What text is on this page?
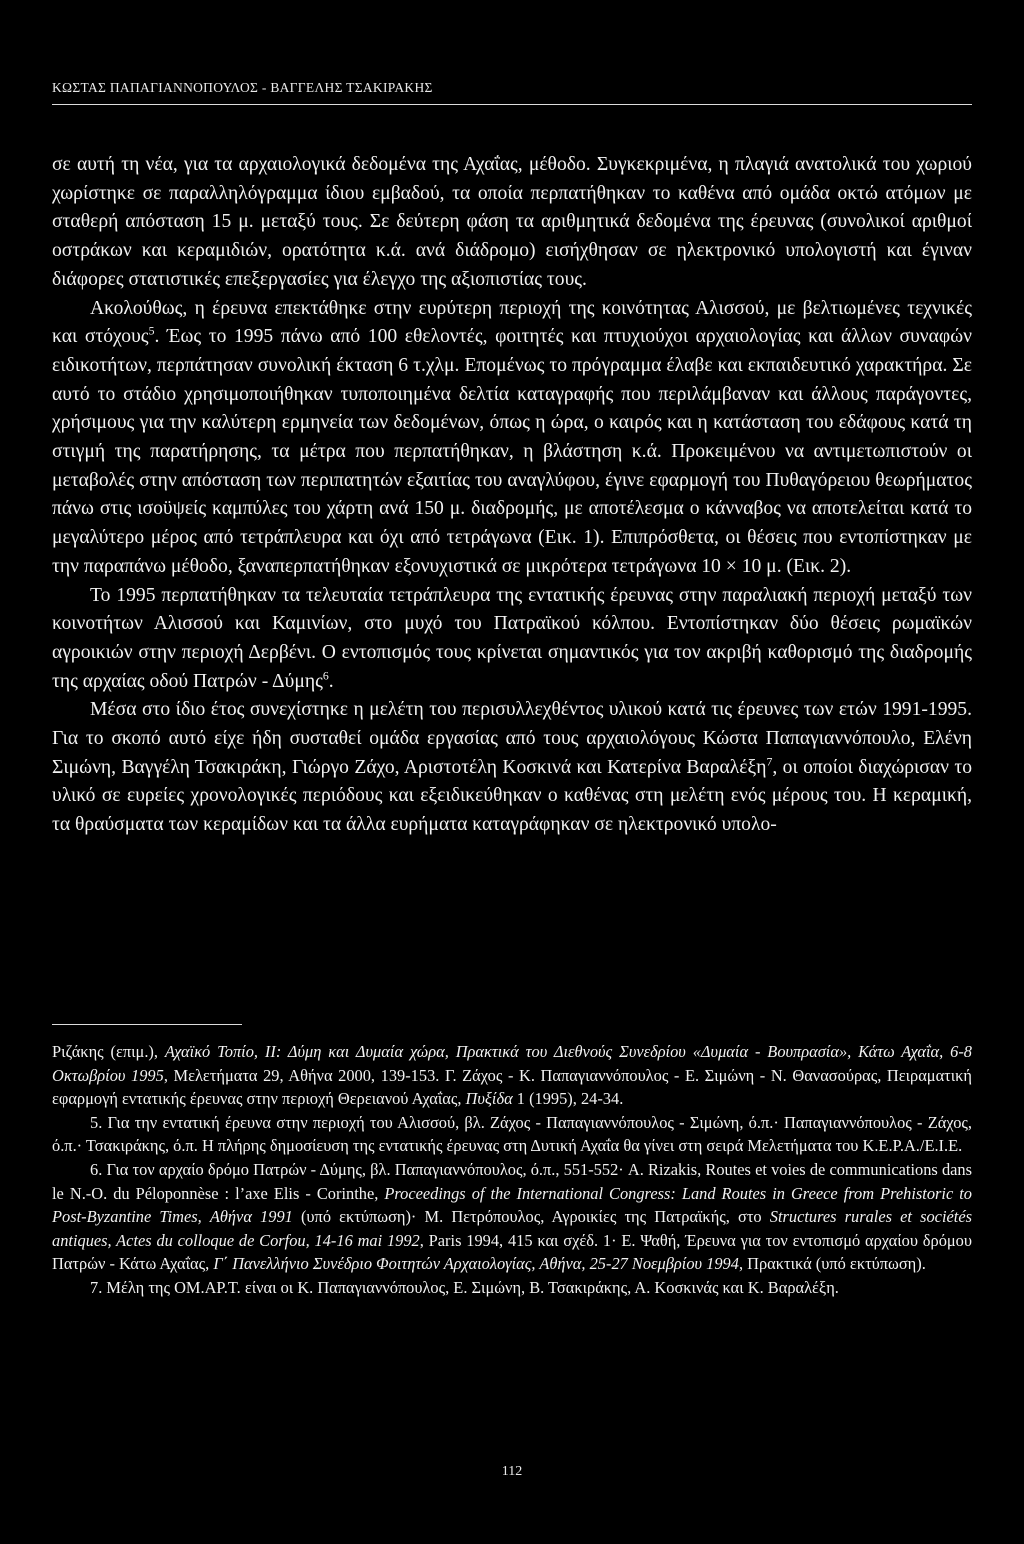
ΚΩΣΤΑΣ ΠΑΠΑΓΙΑΝΝΟΠΟΥΛΟΣ - ΒΑΓΓΕΛΗΣ ΤΣΑΚΙΡΑΚΗΣ

σε αυτή τη νέα, για τα αρχαιολογικά δεδομένα της Αχαΐας, μέθοδο. Συγκεκριμένα, η πλαγιά ανατολικά του χωριού χωρίστηκε σε παραλληλόγραμμα ίδιου εμβαδού, τα οποία περπατήθηκαν το καθένα από ομάδα οκτώ ατόμων με σταθερή απόσταση 15 μ. μεταξύ τους. Σε δεύτερη φάση τα αριθμητικά δεδομένα της έρευνας (συνολικοί αριθμοί οστράκων και κεραμιδιών, ορατότητα κ.ά. ανά διάδρομο) εισήχθησαν σε ηλεκτρονικό υπολογιστή και έγιναν διάφορες στατιστικές επεξεργασίες για έλεγχο της αξιοπιστίας τους.

Ακολούθως, η έρευνα επεκτάθηκε στην ευρύτερη περιοχή της κοινότητας Αλισσού, με βελτιωμένες τεχνικές και στόχους$^5$. Έως το 1995 πάνω από 100 εθελοντές, φοιτητές και πτυχιούχοι αρχαιολογίας και άλλων συναφών ειδικοτήτων, περπάτησαν συνολική έκταση 6 τ.χλμ. Επομένως το πρόγραμμα έλαβε και εκπαιδευτικό χαρακτήρα. Σε αυτό το στάδιο χρησιμοποιήθηκαν τυποποιημένα δελτία καταγραφής που περιλάμβαναν και άλλους παράγοντες, χρήσιμους για την καλύτερη ερμηνεία των δεδομένων, όπως η ώρα, ο καιρός και η κατάσταση του εδάφους κατά τη στιγμή της παρατήρησης, τα μέτρα που περπατήθηκαν, η βλάστηση κ.ά. Προκειμένου να αντιμετωπιστούν οι μεταβολές στην απόσταση των περιπατητών εξαιτίας του αναγλύφου, έγινε εφαρμογή του Πυθαγόρειου θεωρήματος πάνω στις ισοϋψείς καμπύλες του χάρτη ανά 150 μ. διαδρομής, με αποτέλεσμα ο κάνναβος να αποτελείται κατά το μεγαλύτερο μέρος από τετράπλευρα και όχι από τετράγωνα (Εικ. 1). Επιπρόσθετα, οι θέσεις που εντοπίστηκαν με την παραπάνω μέθοδο, ξαναπερπατήθηκαν εξονυχιστικά σε μικρότερα τετράγωνα 10 × 10 μ. (Εικ. 2).

Το 1995 περπατήθηκαν τα τελευταία τετράπλευρα της εντατικής έρευνας στην παραλιακή περιοχή μεταξύ των κοινοτήτων Αλισσού και Καμινίων, στο μυχό του Πατραϊκού κόλπου. Εντοπίστηκαν δύο θέσεις ρωμαϊκών αγροικιών στην περιοχή Δερβένι. Ο εντοπισμός τους κρίνεται σημαντικός για τον ακριβή καθορισμό της διαδρομής της αρχαίας οδού Πατρών - Δύμης$^6$.

Μέσα στο ίδιο έτος συνεχίστηκε η μελέτη του περισυλλεχθέντος υλικού κατά τις έρευνες των ετών 1991-1995. Για το σκοπό αυτό είχε ήδη συσταθεί ομάδα εργασίας από τους αρχαιολόγους Κώστα Παπαγιαννόπουλο, Ελένη Σιμώνη, Βαγγέλη Τσακιράκη, Γιώργο Ζάχο, Αριστοτέλη Κοσκινά και Κατερίνα Βαραλέξη$^7$, οι οποίοι διαχώρισαν το υλικό σε ευρείες χρονολογικές περιόδους και εξειδικεύθηκαν ο καθένας στη μελέτη ενός μέρους του. Η κεραμική, τα θραύσματα των κεραμίδων και τα άλλα ευρήματα καταγράφηκαν σε ηλεκτρονικό υπολο-

Ριζάκης (επιμ.), Αχαϊκό Τοπίο, ΙΙ: Δύμη και Δυμαία χώρα, Πρακτικά του Διεθνούς Συνεδρίου «Δυμαία - Βουπρασία», Κάτω Αχαΐα, 6-8 Οκτωβρίου 1995, Μελετήματα 29, Αθήνα 2000, 139-153. Γ. Ζάχος - Κ. Παπαγιαννόπουλος - Ε. Σιμώνη - Ν. Θανασούρας, Πειραματική εφαρμογή εντατικής έρευνας στην περιοχή Θερειανού Αχαΐας, Πυξίδα 1 (1995), 24-34.

5. Για την εντατική έρευνα στην περιοχή του Αλισσού, βλ. Ζάχος - Παπαγιαννόπουλος - Σιμώνη, ό.π.· Παπαγιαννόπουλος - Ζάχος, ό.π.· Τσακιράκης, ό.π. Η πλήρης δημοσίευση της εντατικής έρευνας στη Δυτική Αχαΐα θα γίνει στη σειρά Μελετήματα του Κ.Ε.Ρ.Α./Ε.Ι.Ε.

6. Για τον αρχαίο δρόμο Πατρών - Δύμης, βλ. Παπαγιαννόπουλος, ό.π., 551-552· A. Rizakis, Routes et voies de communications dans le N.-O. du Péloponnèse : l’axe Elis - Corinthe, Proceedings of the International Congress: Land Routes in Greece from Prehistoric to Post-Byzantine Times, Αθήνα 1991 (υπό εκτύπωση)· Μ. Πετρόπουλος, Αγροικίες της Πατραϊκής, στο Structures rurales et sociétés antiques, Actes du colloque de Corfou, 14-16 mai 1992, Paris 1994, 415 και σχέδ. 1· Ε. Ψαθή, Έρευνα για τον εντοπισμό αρχαίου δρόμου Πατρών - Κάτω Αχαΐας, Γ΄ Πανελλήνιο Συνέδριο Φοιτητών Αρχαιολογίας, Αθήνα, 25-27 Νοεμβρίου 1994, Πρακτικά (υπό εκτύπωση).

7. Μέλη της ΟΜ.ΑΡ.Τ. είναι οι Κ. Παπαγιαννόπουλος, Ε. Σιμώνη, Β. Τσακιράκης, Α. Κοσκινάς και Κ. Βαραλέξη.

112
